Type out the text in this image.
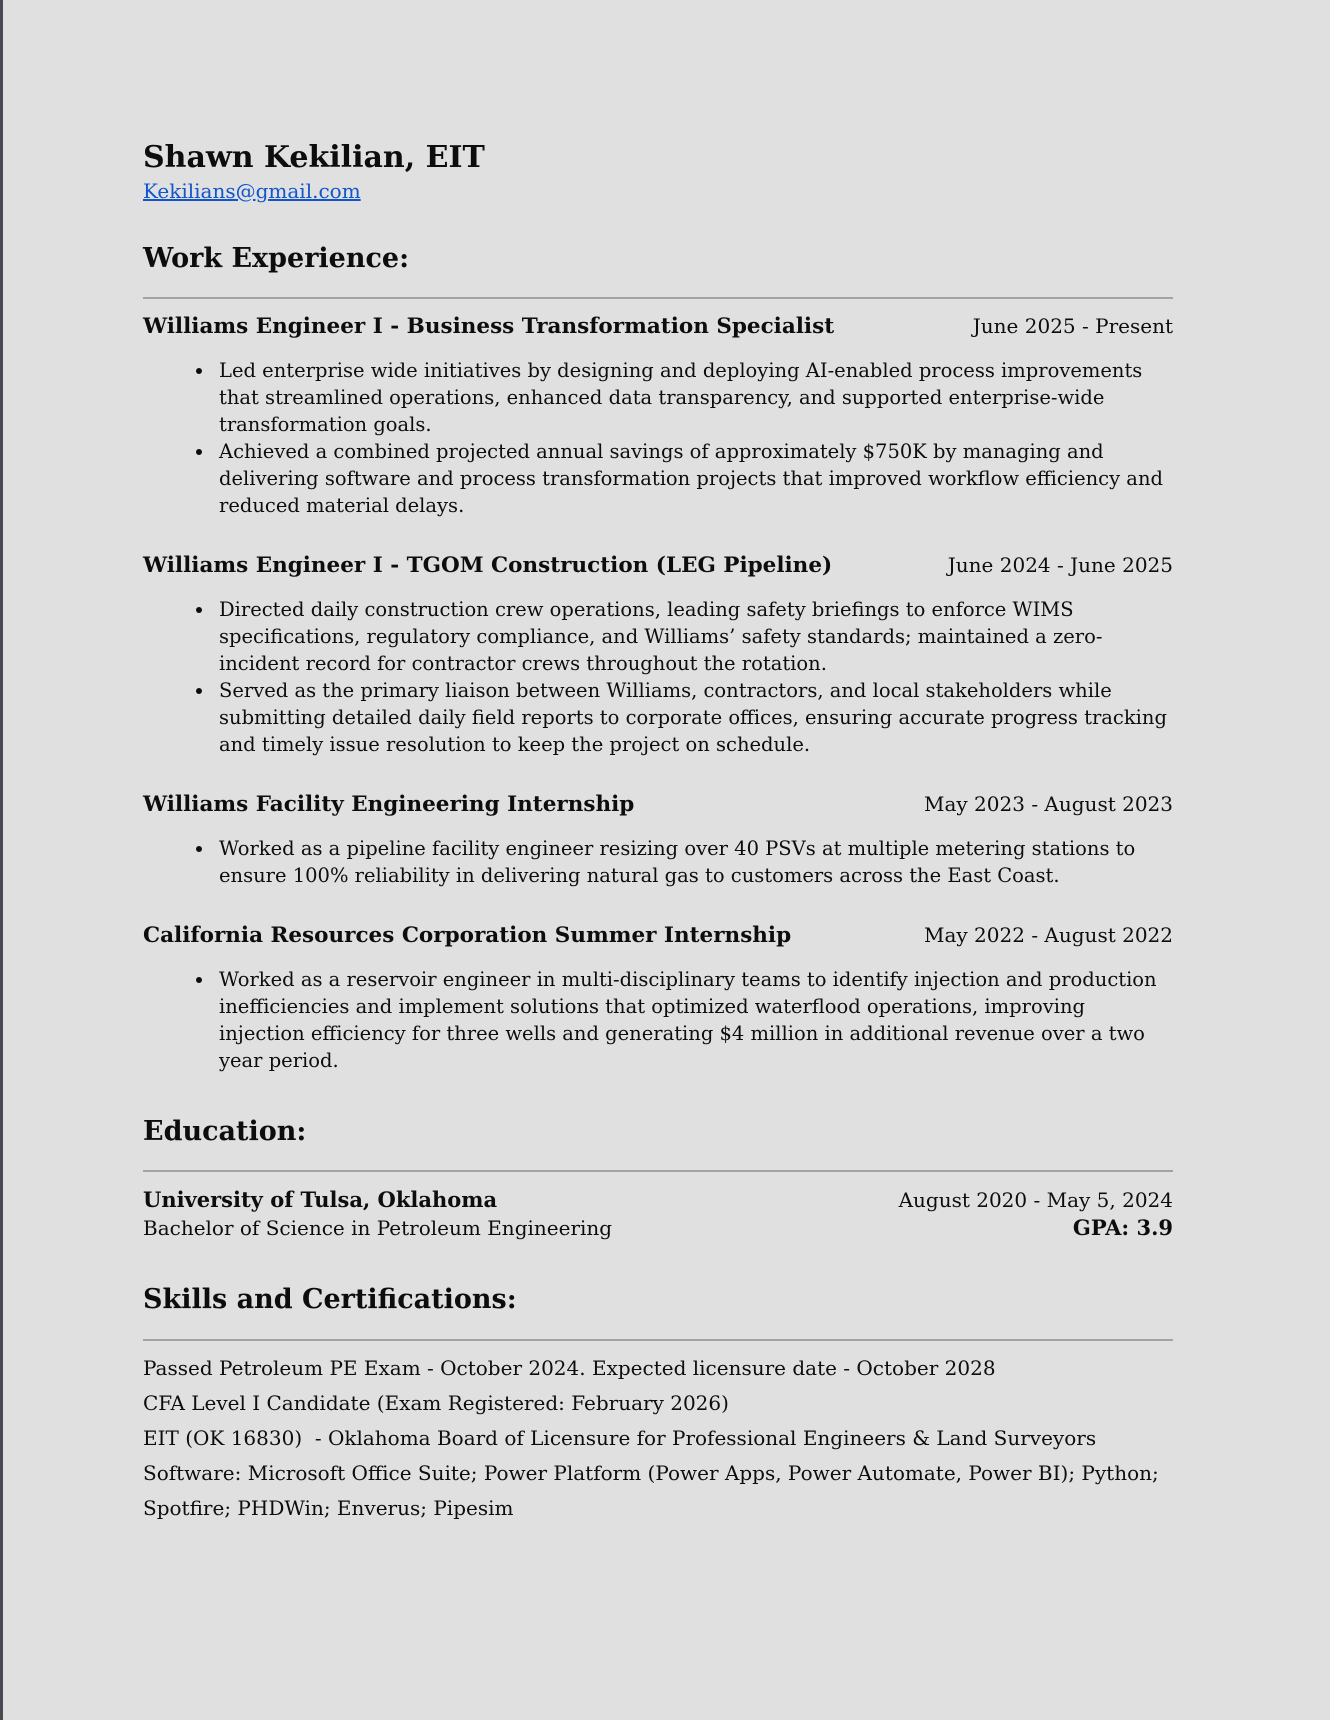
Shawn Kekilian, EIT
Kekilians@gmail.com
Work Experience:
Williams Engineer I - Business Transformation Specialist	June 2025 - Present
• Led enterprise wide initiatives by designing and deploying AI-enabled process improvements that streamlined operations, enhanced data transparency, and supported enterprise-wide transformation goals.
• Achieved a combined projected annual savings of approximately $750K by managing and delivering software and process transformation projects that improved workflow efficiency and reduced material delays.
Williams Engineer I - TGOM Construction (LEG Pipeline)	June 2024 - June 2025
• Directed daily construction crew operations, leading safety briefings to enforce WIMS specifications, regulatory compliance, and Williams’ safety standards; maintained a zero-incident record for contractor crews throughout the rotation.
• Served as the primary liaison between Williams, contractors, and local stakeholders while submitting detailed daily field reports to corporate offices, ensuring accurate progress tracking and timely issue resolution to keep the project on schedule.
Williams Facility Engineering Internship	May 2023 - August 2023
• Worked as a pipeline facility engineer resizing over 40 PSVs at multiple metering stations to ensure 100% reliability in delivering natural gas to customers across the East Coast.
California Resources Corporation Summer Internship	May 2022 - August 2022
• Worked as a reservoir engineer in multi-disciplinary teams to identify injection and production inefficiencies and implement solutions that optimized waterflood operations, improving injection efficiency for three wells and generating $4 million in additional revenue over a two year period.
Education:
University of Tulsa, Oklahoma	August 2020 - May 5, 2024
Bachelor of Science in Petroleum Engineering	GPA: 3.9
Skills and Certifications:

Passed Petroleum PE Exam - October 2024. Expected licensure date - October 2028

CFA Level I Candidate (Exam Registered: February 2026)

EIT (OK 16830)  - Oklahoma Board of Licensure for Professional Engineers & Land Surveyors

Software: Microsoft Office Suite; Power Platform (Power Apps, Power Automate, Power BI); Python; Spotfire; PHDWin; Enverus; Pipesim
